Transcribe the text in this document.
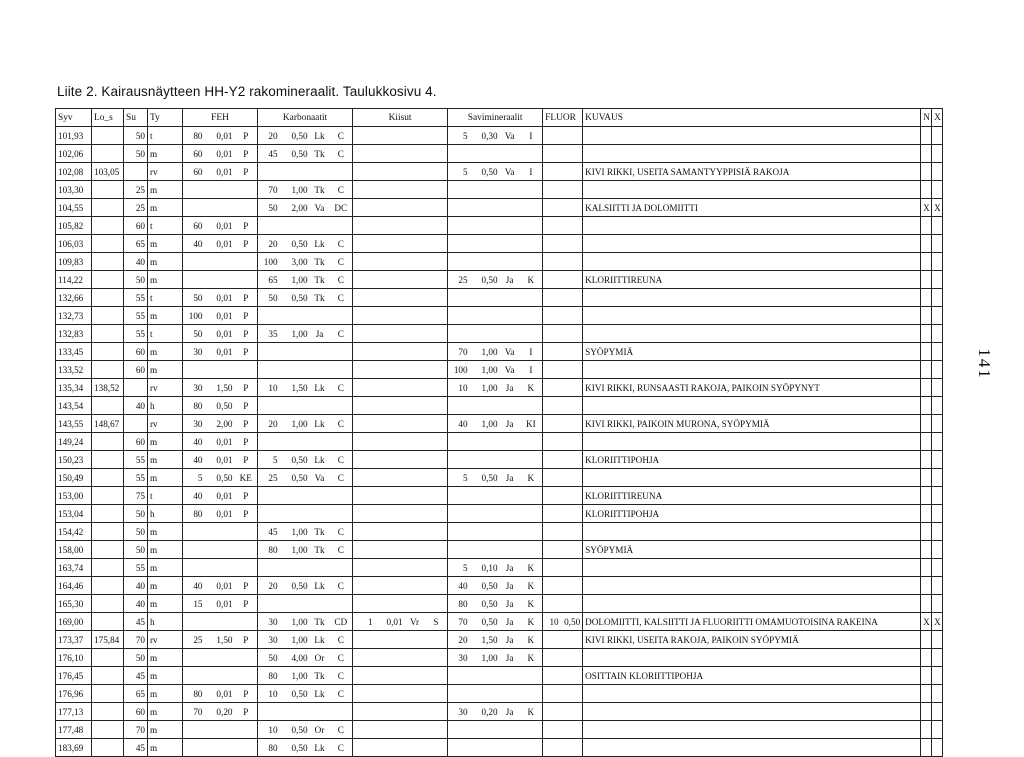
Liite 2. Kairausnäytteen HH-Y2 rakomineraalit. Taulukkosivu 4.
141
Syv	Lo_s	Su	Ty	FEH			Karbonaatit				Kiisut				Savimineraalit				FLUOR		KUVAUS	N	X
101,93		50	t	80	0,01	P	20	0,50	Lk	C					5	0,30	Va	I					
102,06		50	m	60	0,01	P	45	0,50	Tk	C													
102,08	103,05		rv	60	0,01	P									5	0,50	Va	I			KIVI RIKKI, USEITA SAMANTYYPPISIÄ RAKOJA		
103,30		25	m				70	1,00	Tk	C													
104,55		25	m				50	2,00	Va	DC											KALSIITTI JA DOLOMIITTI	X	X
105,82		60	t	60	0,01	P																	
106,03		65	m	40	0,01	P	20	0,50	Lk	C													
109,83		40	m				100	3,00	Tk	C													
114,22		50	m				65	1,00	Tk	C					25	0,50	Ja	K			KLORIITTIREUNA		
132,66		55	t	50	0,01	P	50	0,50	Tk	C													
132,73		55	m	100	0,01	P																	
132,83		55	t	50	0,01	P	35	1,00	Ja	C													
133,45		60	m	30	0,01	P									70	1,00	Va	I			SYÖPYMIÄ		
133,52		60	m												100	1,00	Va	I					
135,34	138,52		rv	30	1,50	P	10	1,50	Lk	C					10	1,00	Ja	K			KIVI RIKKI, RUNSAASTI RAKOJA, PAIKOIN SYÖPYNYT		
143,54		40	h	80	0,50	P																	
143,55	148,67		rv	30	2,00	P	20	1,00	Lk	C					40	1,00	Ja	KI			KIVI RIKKI, PAIKOIN MURONA, SYÖPYMIÄ		
149,24		60	m	40	0,01	P																	
150,23		55	m	40	0,01	P	5	0,50	Lk	C											KLORIITTIPOHJA		
150,49		55	m	5	0,50	KE	25	0,50	Va	C					5	0,50	Ja	K					
153,00		75	t	40	0,01	P															KLORIITTIREUNA		
153,04		50	h	80	0,01	P															KLORIITTIPOHJA		
154,42		50	m				45	1,00	Tk	C													
158,00		50	m				80	1,00	Tk	C											SYÖPYMIÄ		
163,74		55	m												5	0,10	Ja	K					
164,46		40	m	40	0,01	P	20	0,50	Lk	C					40	0,50	Ja	K					
165,30		40	m	15	0,01	P									80	0,50	Ja	K					
169,00		45	h				30	1,00	Tk	CD	1	0,01	Vr	S	70	0,50	Ja	K	10	0,50	DOLOMIITTI, KALSIITTI JA FLUORIITTI OMAMUOTOISINA RAKEINA	X	X
173,37	175,84	70	rv	25	1,50	P	30	1,00	Lk	C					20	1,50	Ja	K			KIVI RIKKI, USEITA RAKOJA, PAIKOIN SYÖPYMIÄ		
176,10		50	m				50	4,00	Or	C					30	1,00	Ja	K					
176,45		45	m				80	1,00	Tk	C											OSITTAIN KLORIITTIPOHJA		
176,96		65	m	80	0,01	P	10	0,50	Lk	C													
177,13		60	m	70	0,20	P									30	0,20	Ja	K					
177,48		70	m				10	0,50	Or	C													
183,69		45	m				80	0,50	Lk	C													
